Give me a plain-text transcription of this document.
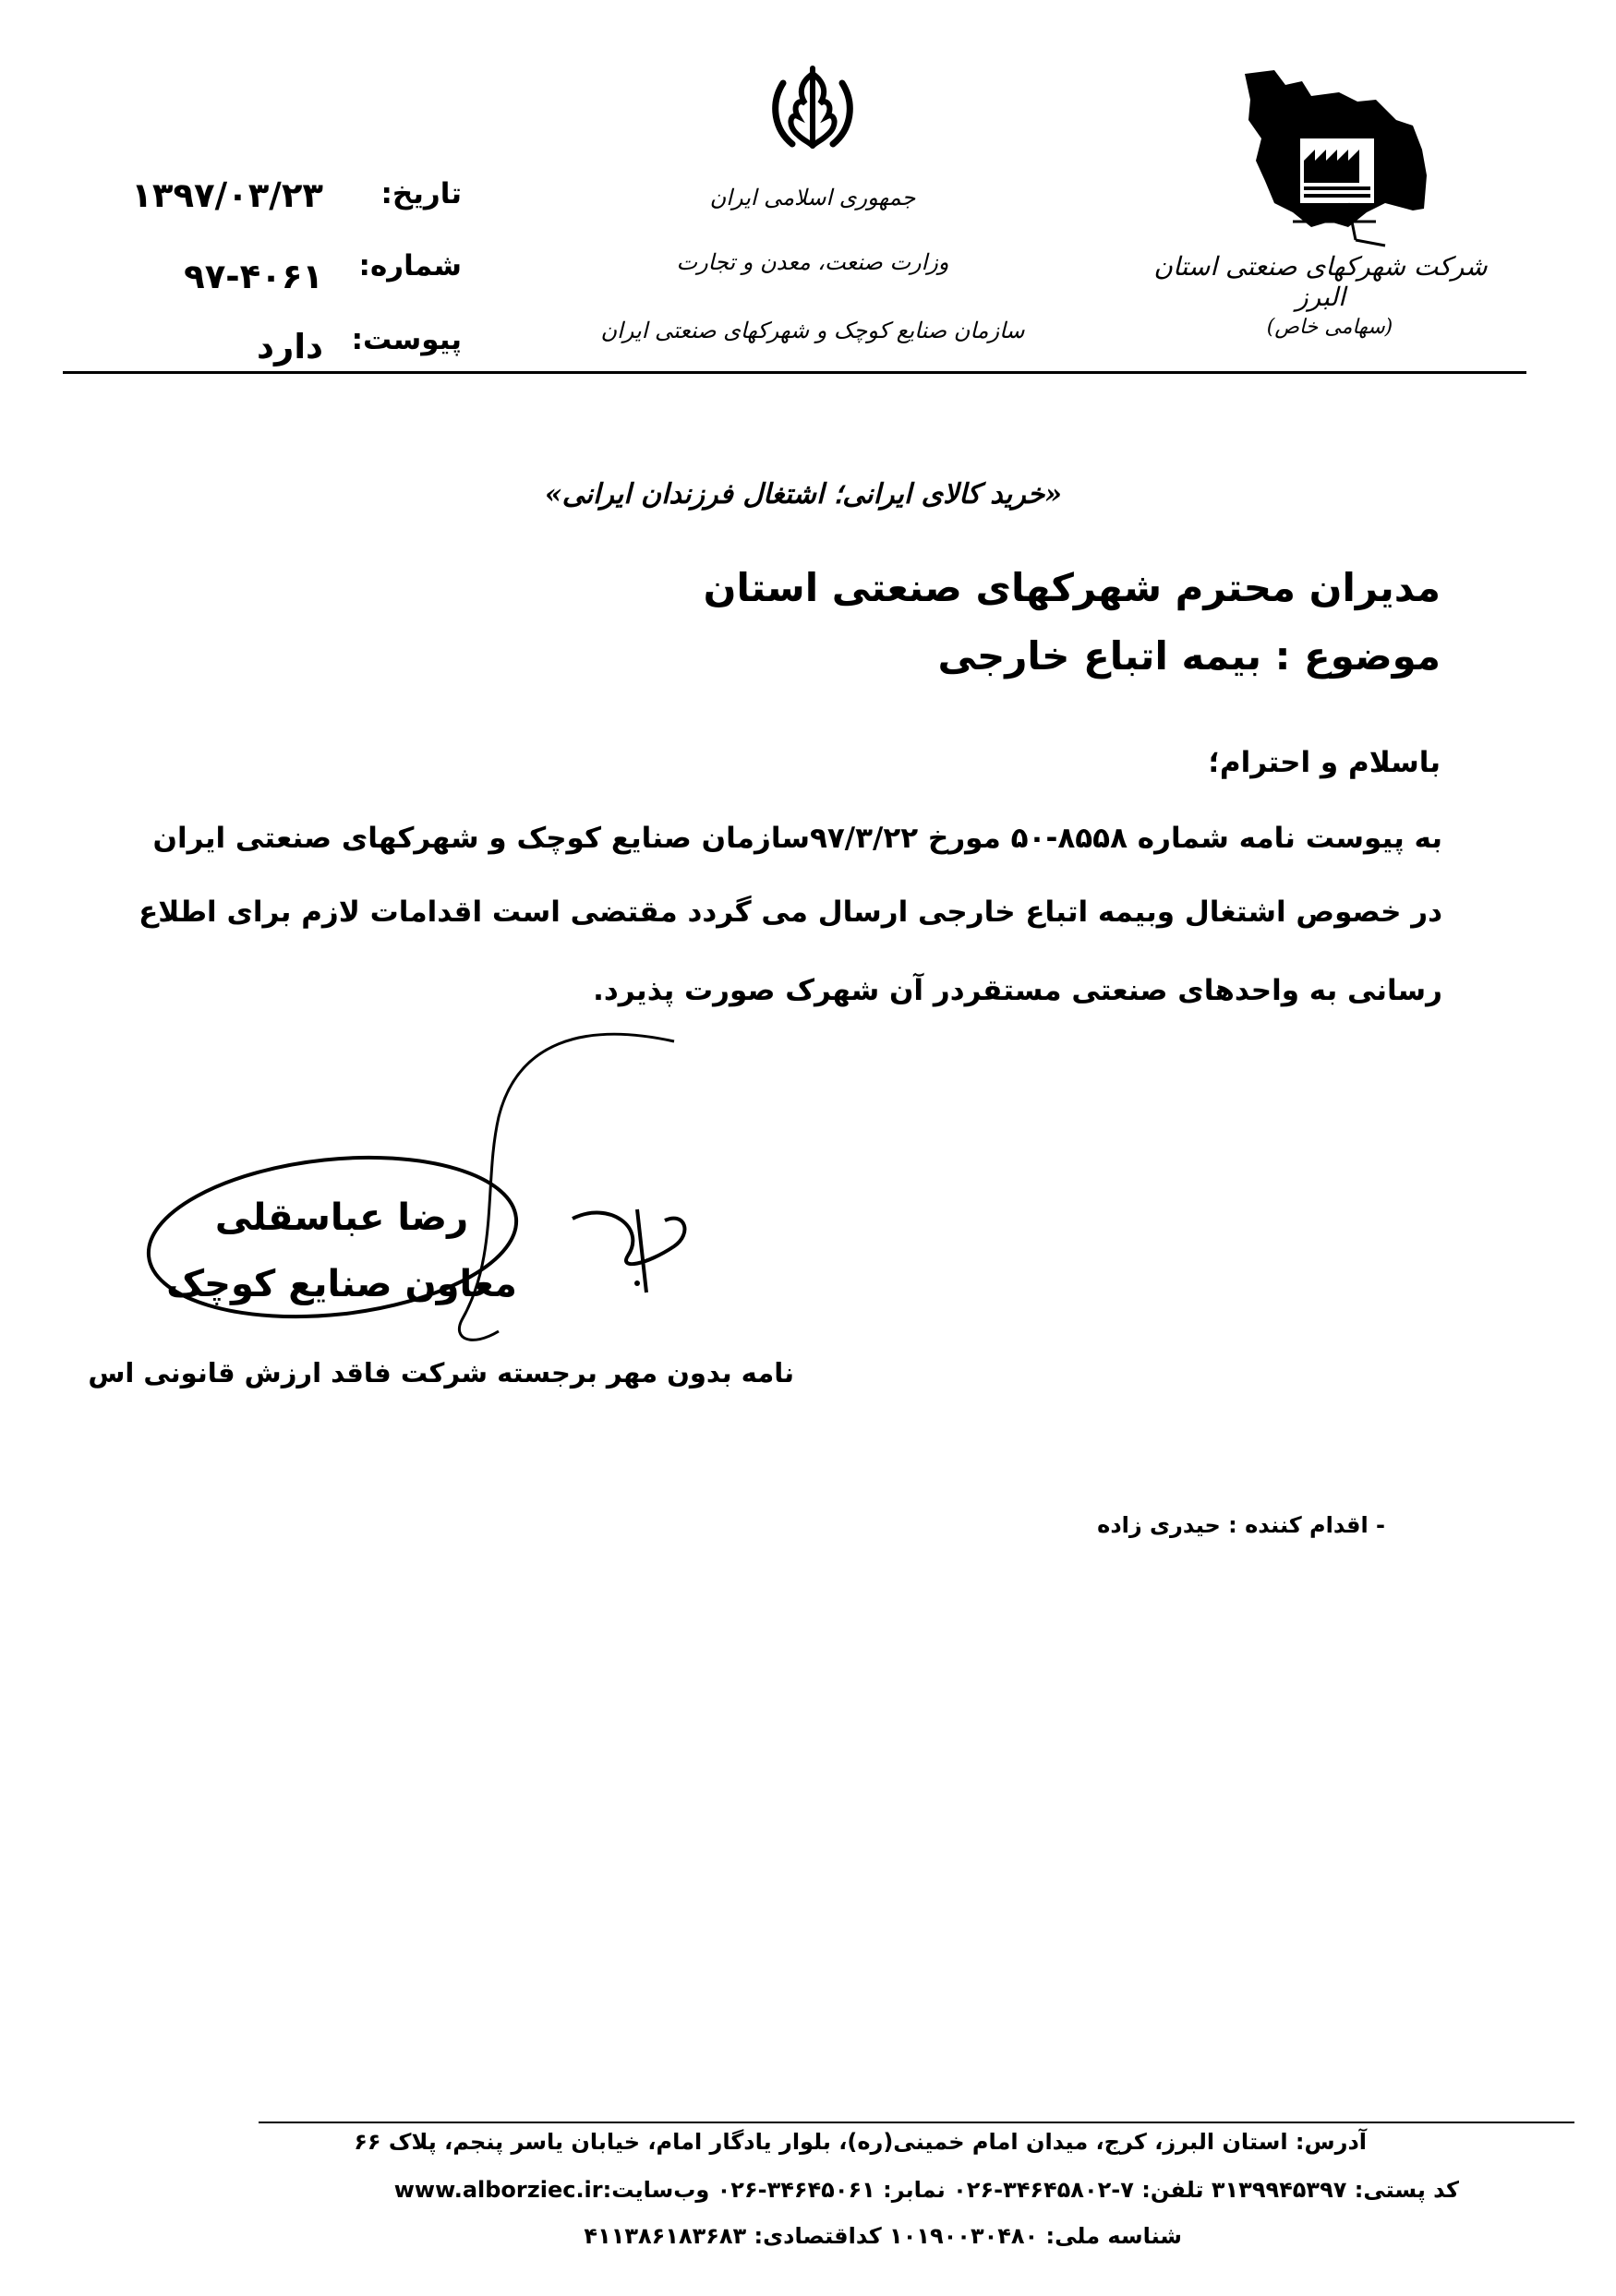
شرکت شهرکهای صنعتی استان البرز
(سهامی خاص)
جمهوری اسلامی ایران
وزارت صنعت، معدن و تجارت
سازمان صنایع کوچک و شهرکهای صنعتی ایران
تاریخ:
۱۳۹۷/۰۳/۲۳
شماره:
۹۷-۴۰۶۱
پیوست:
دارد
«خرید کالای ایرانی؛ اشتغال فرزندان ایرانی»
مدیران محترم شهرکهای صنعتی استان
موضوع : بیمه اتباع خارجی
باسلام و احترام؛
به پیوست نامه شماره ۸۵۵۸-۵۰ مورخ ۹۷/۳/۲۲سازمان صنایع کوچک و شهرکهای صنعتی ایران
در خصوص اشتغال وبیمه اتباع خارجی ارسال می گردد مقتضی است اقدامات لازم برای اطلاع
رسانی به واحدهای صنعتی مستقردر آن شهرک صورت پذیرد.
رضا عباسقلی
معاون صنایع کوچک
نامه بدون مهر برجسته شرکت فاقد ارزش قانونی اس
- اقدام کننده : حیدری زاده
آدرس: استان البرز، کرج، میدان امام خمینی(ره)، بلوار یادگار امام، خیابان یاسر پنجم، پلاک ۶۶
کد پستی: ۳۱۳۹۹۴۵۳۹۷ تلفن: ۷-۳۴۶۴۵۸۰۲-۰۲۶ نمابر: ۳۴۶۴۵۰۶۱-۰۲۶ وب‌سایت:www.alborziec.ir
شناسه ملی: ۱۰۱۹۰۰۳۰۴۸۰ کداقتصادی: ۴۱۱۳۸۶۱۸۳۶۸۳
